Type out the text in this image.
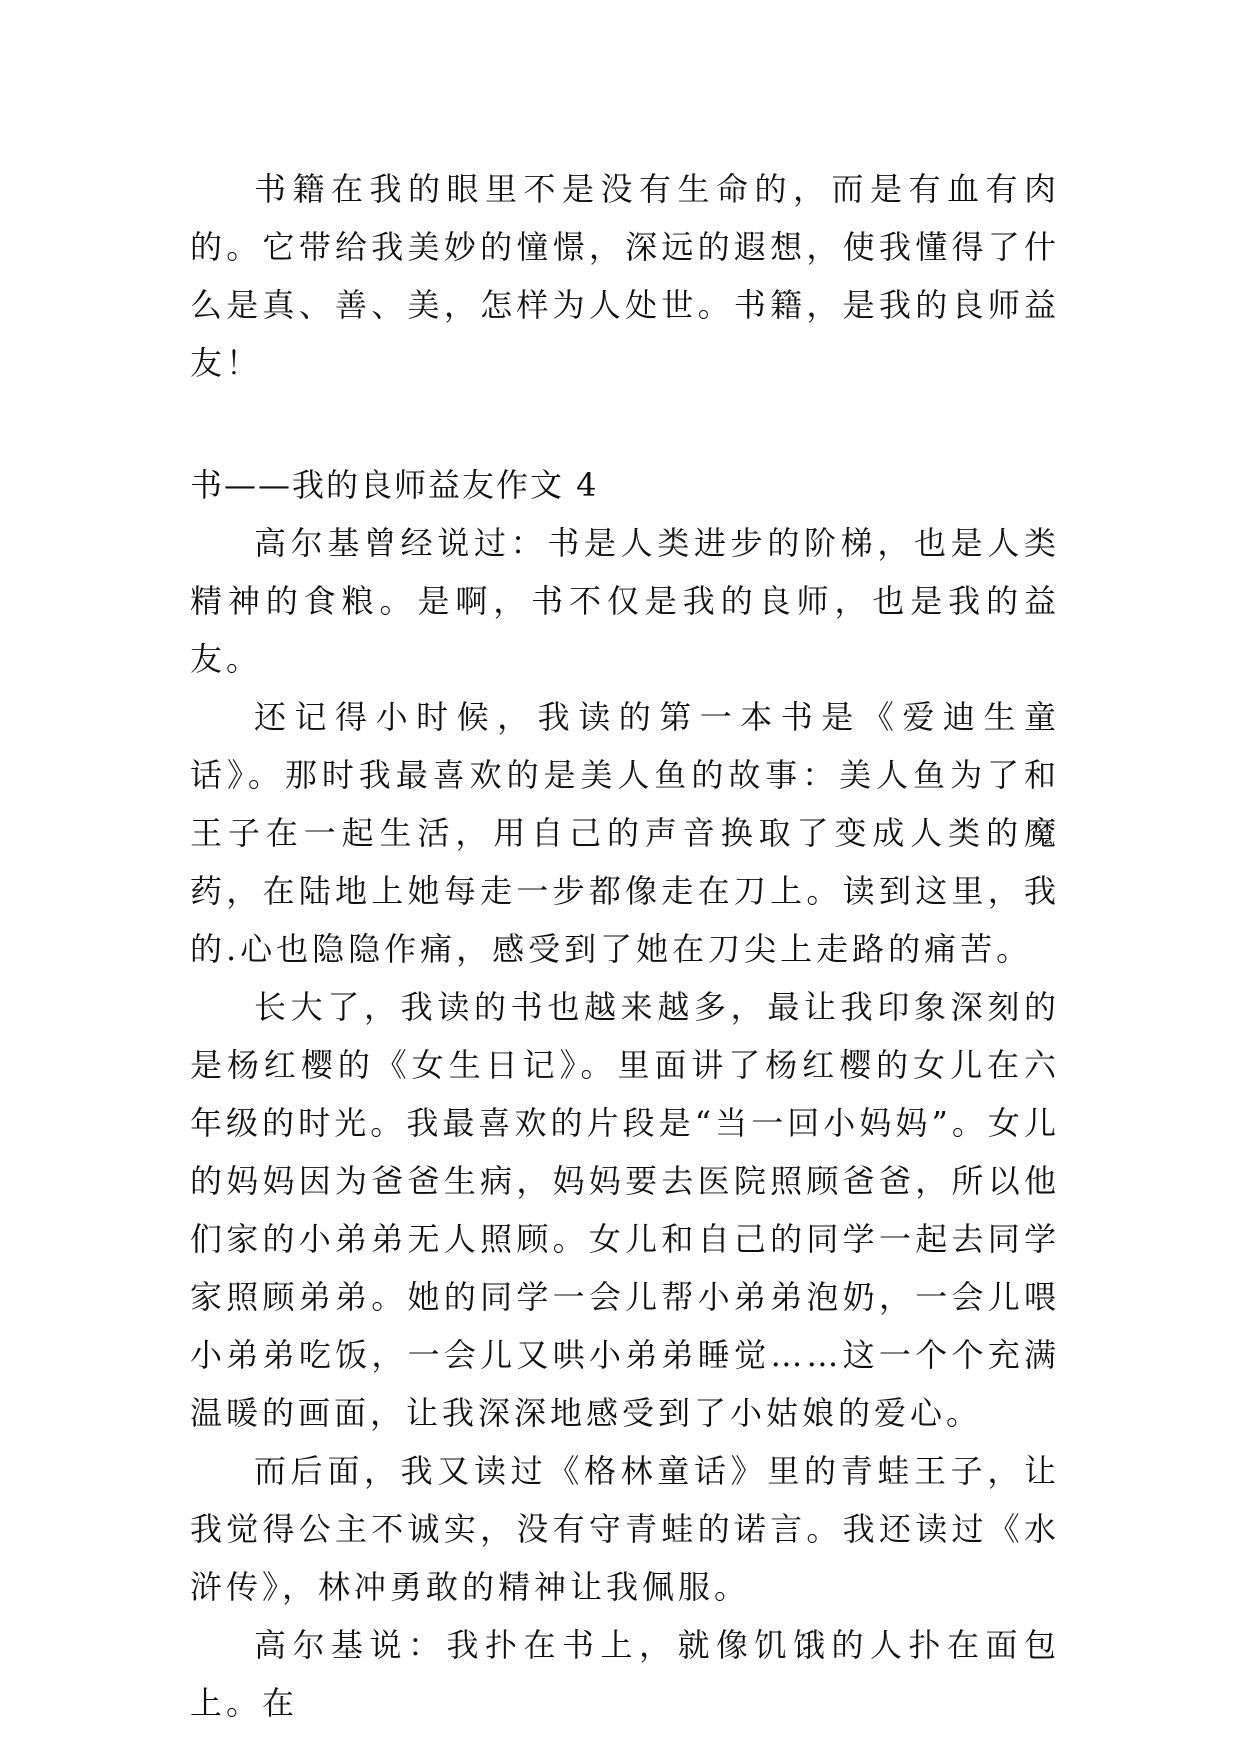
书籍在我的眼里不是没有生命的，而是有血有肉的。它带给我美妙的憧憬，深远的遐想，使我懂得了什么是真、善、美，怎样为人处世。书籍，是我的良师益友！

书——我的良师益友作文 4

高尔基曾经说过：书是人类进步的阶梯，也是人类精神的食粮。是啊，书不仅是我的良师，也是我的益友。

还记得小时候，我读的第一本书是《爱迪生童话》。那时我最喜欢的是美人鱼的故事：美人鱼为了和王子在一起生活，用自己的声音换取了变成人类的魔药，在陆地上她每走一步都像走在刀上。读到这里，我的.心也隐隐作痛，感受到了她在刀尖上走路的痛苦。

长大了，我读的书也越来越多，最让我印象深刻的是杨红樱的《女生日记》。里面讲了杨红樱的女儿在六年级的时光。我最喜欢的片段是“当一回小妈妈”。女儿的妈妈因为爸爸生病，妈妈要去医院照顾爸爸，所以他们家的小弟弟无人照顾。女儿和自己的同学一起去同学家照顾弟弟。她的同学一会儿帮小弟弟泡奶，一会儿喂小弟弟吃饭，一会儿又哄小弟弟睡觉……这一个个充满温暖的画面，让我深深地感受到了小姑娘的爱心。

而后面，我又读过《格林童话》里的青蛙王子，让我觉得公主不诚实，没有守青蛙的诺言。我还读过《水浒传》，林冲勇敢的精神让我佩服。

高尔基说：我扑在书上，就像饥饿的人扑在面包上。在
